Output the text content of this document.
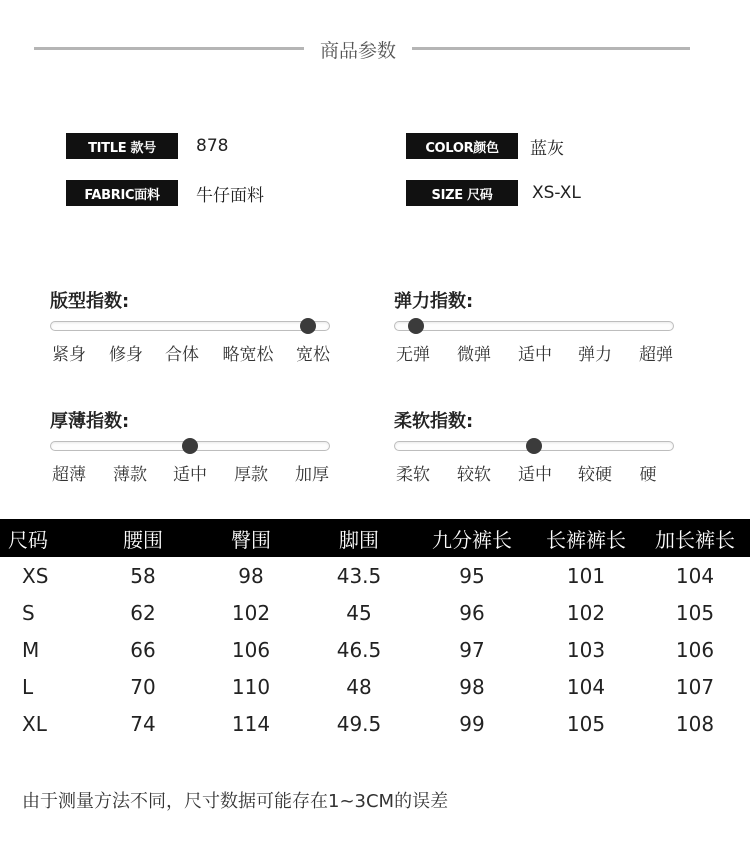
商品参数
TITLE 款号	878	COLOR颜色	蓝灰
FABRIC面料	牛仔面料	SIZE 尺码	XS-XL
版型指数:
紧身 修身 合体 略宽松 宽松
弹力指数:
无弹 微弹 适中 弹力 超弹
厚薄指数:
超薄 薄款 适中 厚款 加厚
柔软指数:
柔软 较软 适中 较硬 硬
尺码	腰围	臀围	脚围	九分裤长	长裤裤长	加长裤长
XS	58	98	43.5	95	101	104
S	62	102	45	96	102	105
M	66	106	46.5	97	103	106
L	70	110	48	98	104	107
XL	74	114	49.5	99	105	108
由于测量方法不同，尺寸数据可能存在1~3CM的误差
